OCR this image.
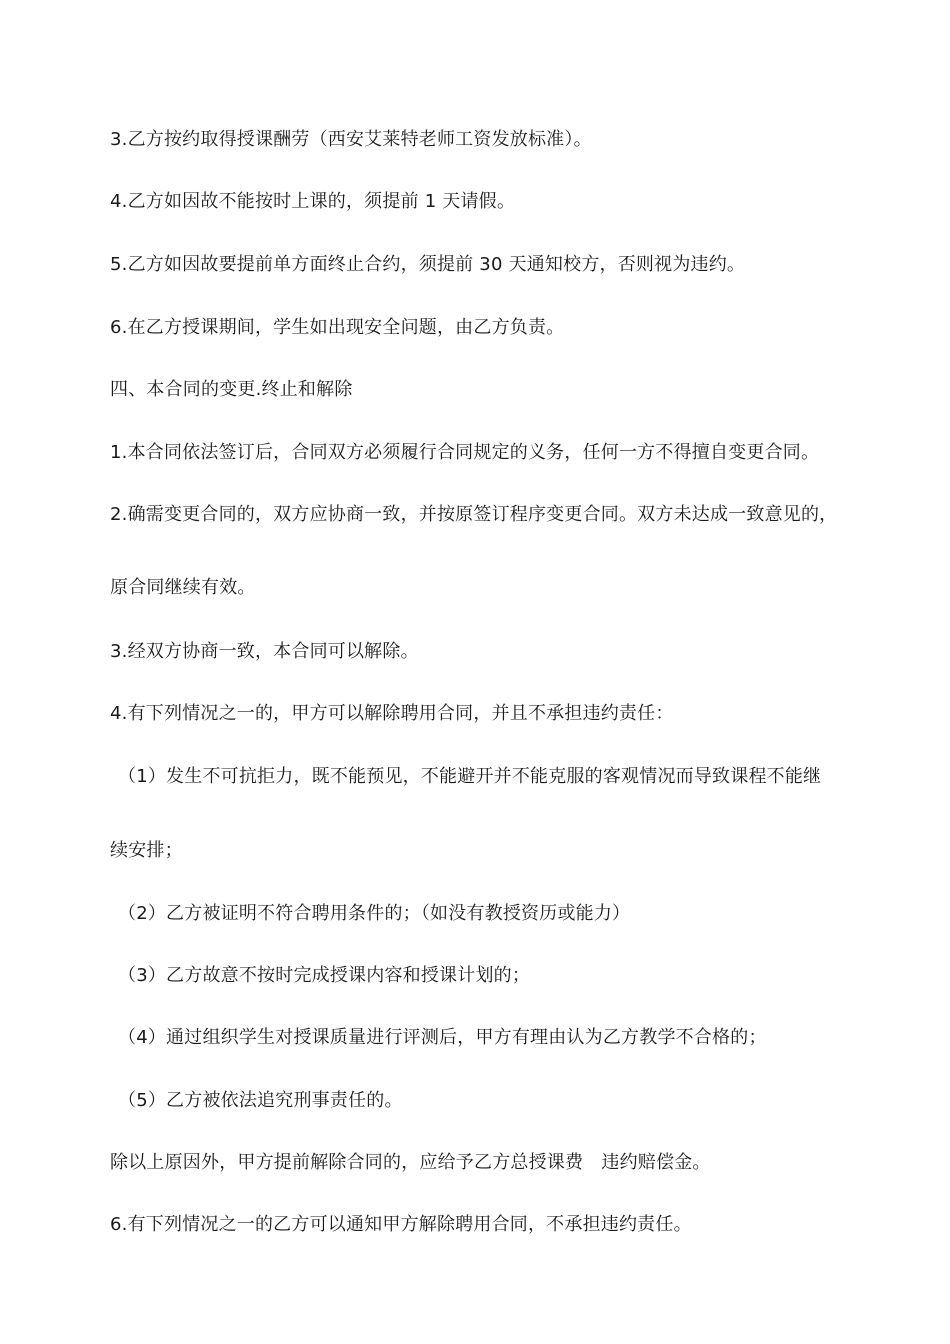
3.乙方按约取得授课酬劳（西安艾莱特老师工资发放标准）。
4.乙方如因故不能按时上课的，须提前 1 天请假。
5.乙方如因故要提前单方面终止合约，须提前 30 天通知校方，否则视为违约。
6.在乙方授课期间，学生如出现安全问题，由乙方负责。
四、本合同的变更.终止和解除
1.本合同依法签订后，合同双方必须履行合同规定的义务，任何一方不得擅自变更合同。
2.确需变更合同的，双方应协商一致，并按原签订程序变更合同。双方未达成一致意见的，
原合同继续有效。
3.经双方协商一致，本合同可以解除。
4.有下列情况之一的，甲方可以解除聘用合同，并且不承担违约责任：
（1）发生不可抗拒力，既不能预见，不能避开并不能克服的客观情况而导致课程不能继
续安排；
（2）乙方被证明不符合聘用条件的；（如没有教授资历或能力）
（3）乙方故意不按时完成授课内容和授课计划的；
（4）通过组织学生对授课质量进行评测后，甲方有理由认为乙方教学不合格的；
（5）乙方被依法追究刑事责任的。
除以上原因外，甲方提前解除合同的，应给予乙方总授课费　违约赔偿金。
6.有下列情况之一的乙方可以通知甲方解除聘用合同，不承担违约责任。
